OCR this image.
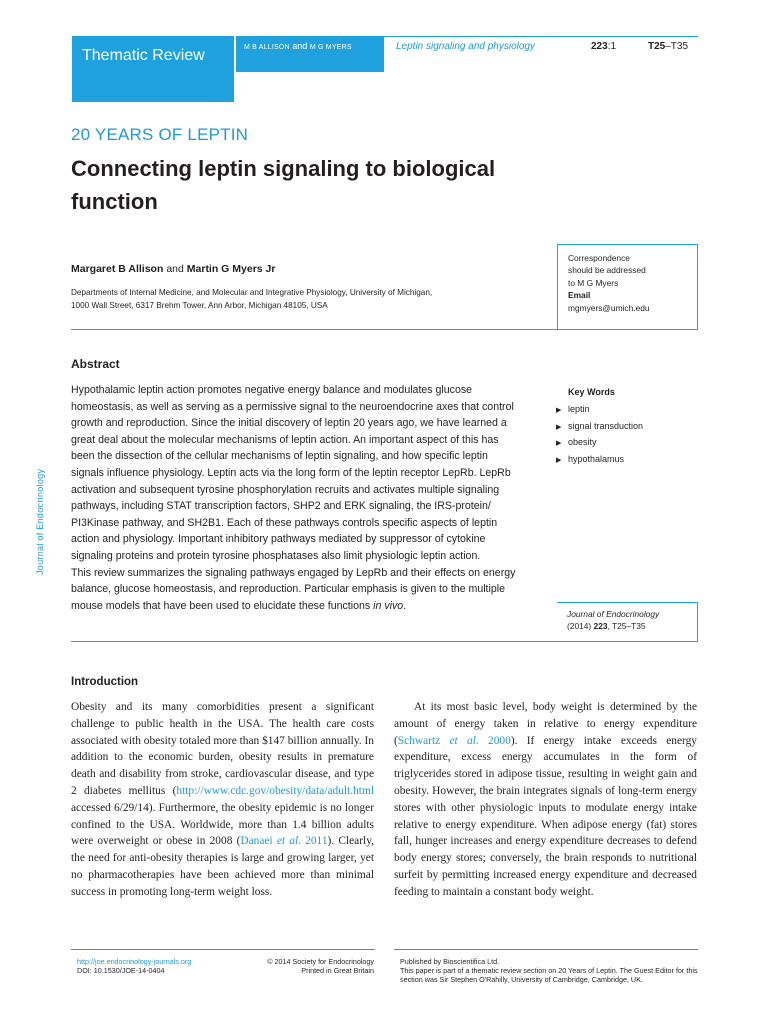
Thematic Review	M B ALLISON and M G MYERS	Leptin signaling and physiology	223:1	T25–T35
Journal of Endocrinology
20 YEARS OF LEPTIN
Connecting leptin signaling to biological function
Margaret B Allison and Martin G Myers Jr
Departments of Internal Medicine, and Molecular and Integrative Physiology, University of Michigan,
1000 Wall Street, 6317 Brehm Tower, Ann Arbor, Michigan 48105, USA
Correspondence
should be addressed
to M G Myers
Email
mgmyers@umich.edu
Abstract
Hypothalamic leptin action promotes negative energy balance and modulates glucose
homeostasis, as well as serving as a permissive signal to the neuroendocrine axes that control
growth and reproduction. Since the initial discovery of leptin 20 years ago, we have learned a
great deal about the molecular mechanisms of leptin action. An important aspect of this has
been the dissection of the cellular mechanisms of leptin signaling, and how specific leptin
signals influence physiology. Leptin acts via the long form of the leptin receptor LepRb. LepRb
activation and subsequent tyrosine phosphorylation recruits and activates multiple signaling
pathways, including STAT transcription factors, SHP2 and ERK signaling, the IRS-protein/
PI3Kinase pathway, and SH2B1. Each of these pathways controls specific aspects of leptin
action and physiology. Important inhibitory pathways mediated by suppressor of cytokine
signaling proteins and protein tyrosine phosphatases also limit physiologic leptin action.
This review summarizes the signaling pathways engaged by LepRb and their effects on energy
balance, glucose homeostasis, and reproduction. Particular emphasis is given to the multiple
mouse models that have been used to elucidate these functions in vivo.
Key Words
▶ leptin
▶ signal transduction
▶ obesity
▶ hypothalamus
Journal of Endocrinology
(2014) 223, T25–T35
Introduction

Obesity and its many comorbidities present a significant challenge to public health in the USA. The health care costs associated with obesity totaled more than $147 billion annually. In addition to the economic burden, obesity results in premature death and disability from stroke, cardiovascular disease, and type 2 diabetes mellitus (http://www.cdc.gov/obesity/data/adult.html accessed 6/29/14). Furthermore, the obesity epidemic is no longer confined to the USA. Worldwide, more than 1.4 billion adults were overweight or obese in 2008 (Danaei et al. 2011). Clearly, the need for anti-obesity therapies is large and growing larger, yet no pharmacotherapies have been achieved more than minimal success in promoting long-term weight loss.

At its most basic level, body weight is determined by the amount of energy taken in relative to energy expenditure (Schwartz et al. 2000). If energy intake exceeds energy expenditure, excess energy accumulates in the form of triglycerides stored in adipose tissue, resulting in weight gain and obesity. However, the brain integrates signals of long-term energy stores with other physiologic inputs to modulate energy intake relative to energy expenditure. When adipose energy (fat) stores fall, hunger increases and energy expenditure decreases to defend body energy stores; conversely, the brain responds to nutritional surfeit by permitting increased energy expenditure and decreased feeding to maintain a constant body weight.

http://joe.endocrinology-journals.org
DOI: 10.1530/JOE-14-0404
© 2014 Society for Endocrinology
Printed in Great Britain
Published by Bioscientifica Ltd.
This paper is part of a thematic review section on 20 Years of Leptin. The Guest Editor for this section was Sir Stephen O'Rahilly, University of Cambridge, Cambridge, UK.
